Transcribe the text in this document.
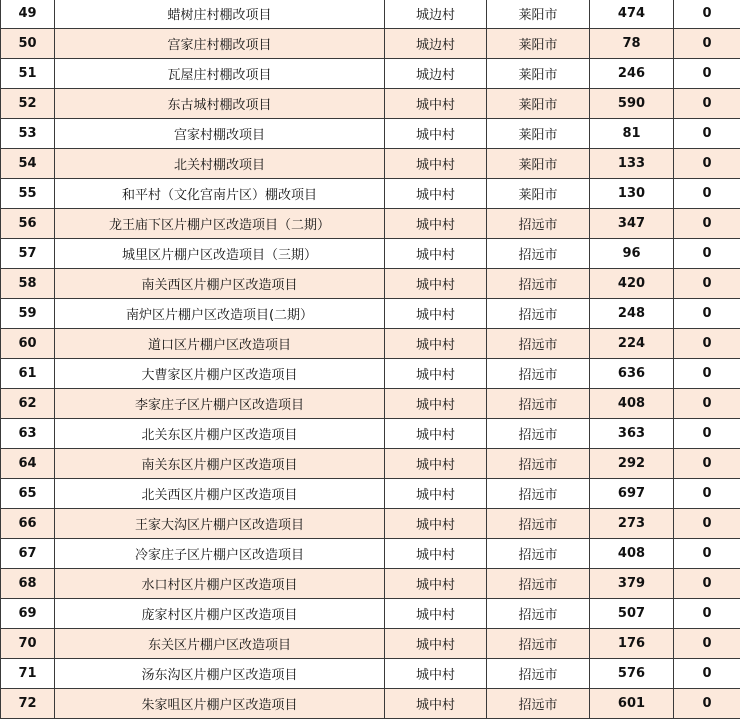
49	蜡树庄村棚改项目	城边村	莱阳市	474	0
50	宫家庄村棚改项目	城边村	莱阳市	78	0
51	瓦屋庄村棚改项目	城边村	莱阳市	246	0
52	东古城村棚改项目	城中村	莱阳市	590	0
53	宫家村棚改项目	城中村	莱阳市	81	0
54	北关村棚改项目	城中村	莱阳市	133	0
55	和平村（文化宫南片区）棚改项目	城中村	莱阳市	130	0
56	龙王庙下区片棚户区改造项目（二期）	城中村	招远市	347	0
57	城里区片棚户区改造项目（三期）	城中村	招远市	96	0
58	南关西区片棚户区改造项目	城中村	招远市	420	0
59	南炉区片棚户区改造项目(二期）	城中村	招远市	248	0
60	道口区片棚户区改造项目	城中村	招远市	224	0
61	大曹家区片棚户区改造项目	城中村	招远市	636	0
62	李家庄子区片棚户区改造项目	城中村	招远市	408	0
63	北关东区片棚户区改造项目	城中村	招远市	363	0
64	南关东区片棚户区改造项目	城中村	招远市	292	0
65	北关西区片棚户区改造项目	城中村	招远市	697	0
66	王家大沟区片棚户区改造项目	城中村	招远市	273	0
67	冷家庄子区片棚户区改造项目	城中村	招远市	408	0
68	水口村区片棚户区改造项目	城中村	招远市	379	0
69	庞家村区片棚户区改造项目	城中村	招远市	507	0
70	东关区片棚户区改造项目	城中村	招远市	176	0
71	汤东沟区片棚户区改造项目	城中村	招远市	576	0
72	朱家咀区片棚户区改造项目	城中村	招远市	601	0
